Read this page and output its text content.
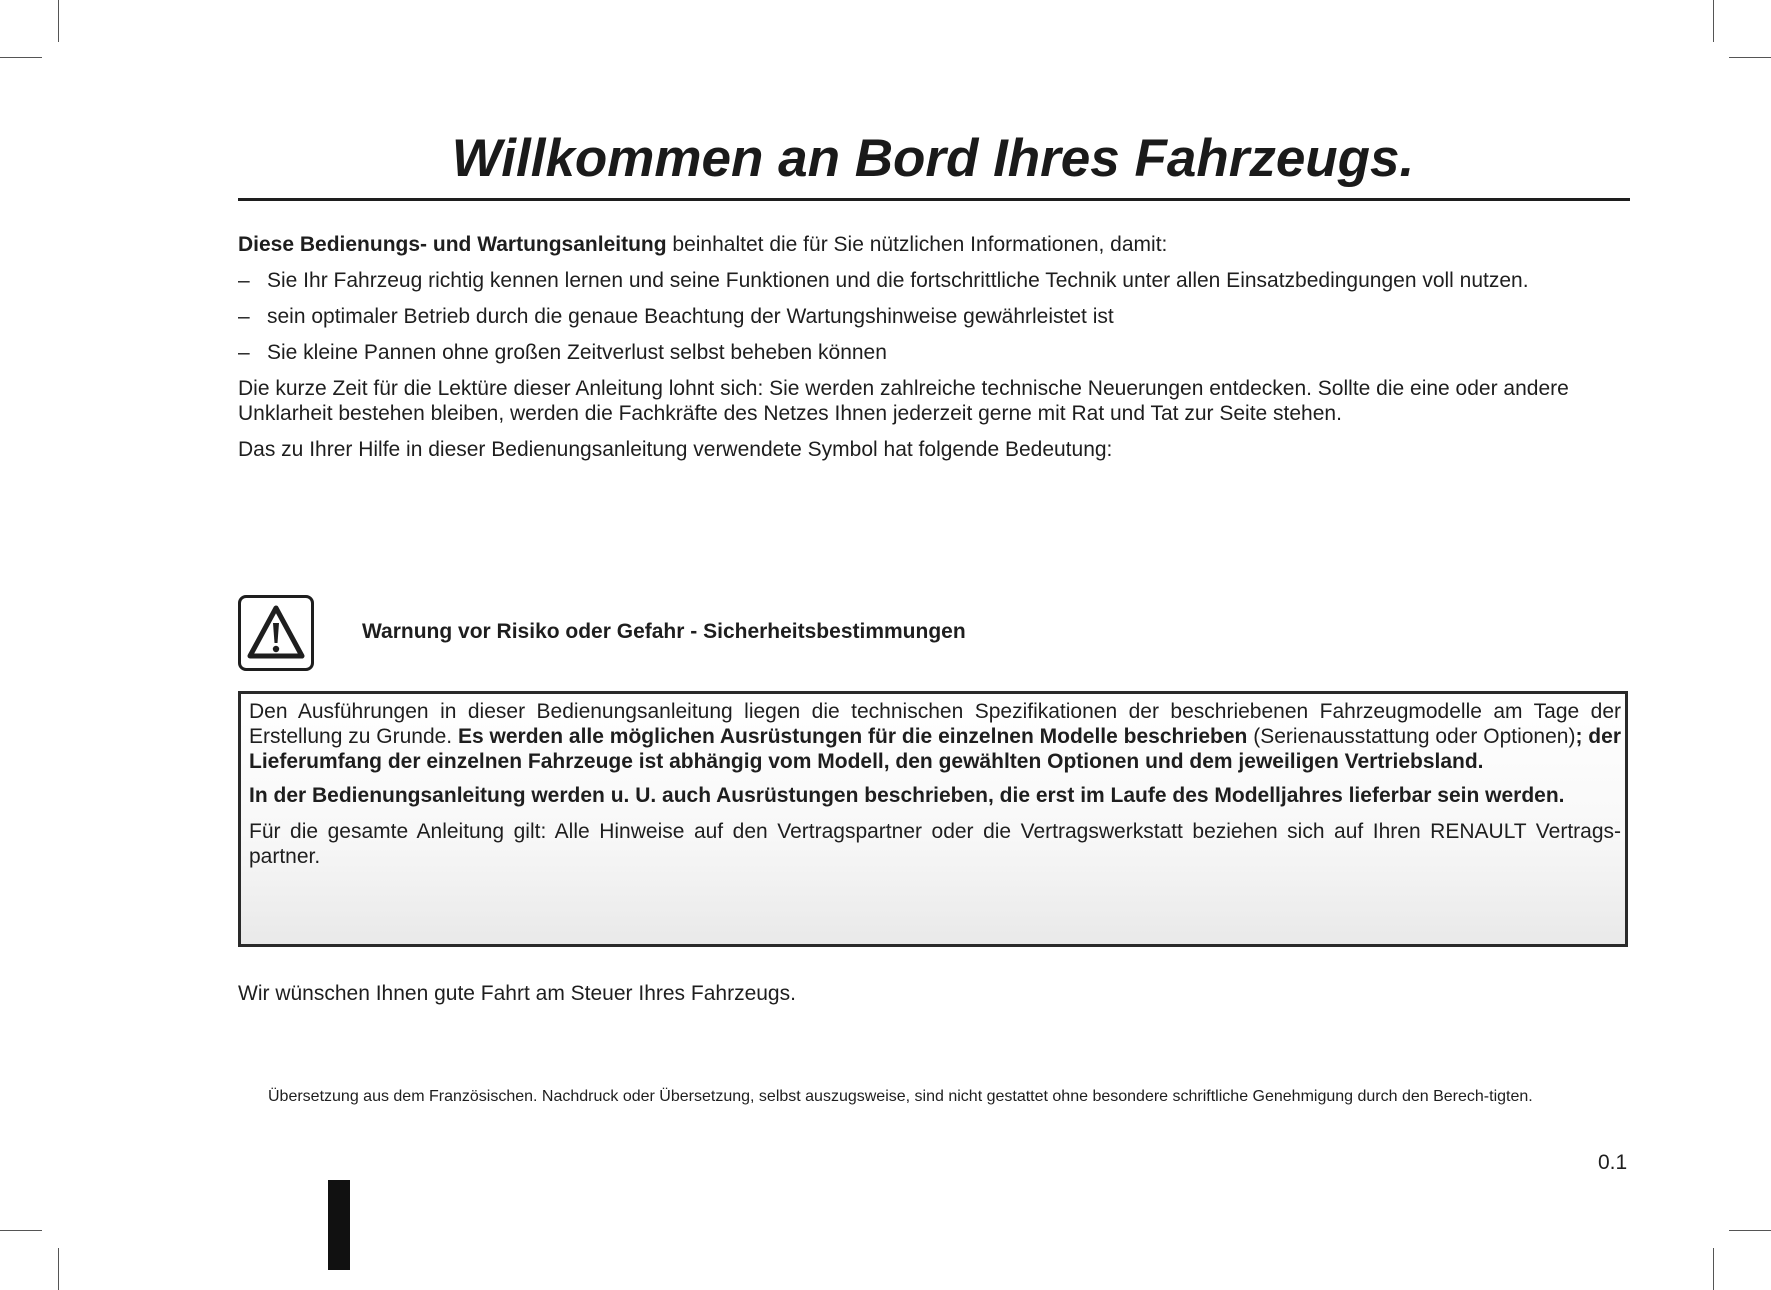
Willkommen an Bord Ihres Fahrzeugs.
Diese Bedienungs- und Wartungsanleitung beinhaltet die für Sie nützlichen Informationen, damit:
– Sie Ihr Fahrzeug richtig kennen lernen und seine Funktionen und die fortschrittliche Technik unter allen Einsatzbedingungen voll nutzen.
– sein optimaler Betrieb durch die genaue Beachtung der Wartungshinweise gewährleistet ist
– Sie kleine Pannen ohne großen Zeitverlust selbst beheben können
Die kurze Zeit für die Lektüre dieser Anleitung lohnt sich: Sie werden zahlreiche technische Neuerungen entdecken. Sollte die eine oder andere Unklarheit bestehen bleiben, werden die Fachkräfte des Netzes Ihnen jederzeit gerne mit Rat und Tat zur Seite stehen.
Das zu Ihrer Hilfe in dieser Bedienungsanleitung verwendete Symbol hat folgende Bedeutung:
Warnung vor Risiko oder Gefahr - Sicherheitsbestimmungen

Den Ausführungen in dieser Bedienungsanleitung liegen die technischen Spezifikationen der beschriebenen Fahrzeugmodelle am Tage der Erstellung zu Grunde. Es werden alle möglichen Ausrüstungen für die einzelnen Modelle beschrieben (Serienausstattung oder Optionen); der Lieferumfang der einzelnen Fahrzeuge ist abhängig vom Modell, den gewählten Optionen und dem jeweiligen Vertriebsland.

In der Bedienungsanleitung werden u. U. auch Ausrüstungen beschrieben, die erst im Laufe des Modelljahres lieferbar sein werden.

Für die gesamte Anleitung gilt: Alle Hinweise auf den Vertragspartner oder die Vertragswerkstatt beziehen sich auf Ihren RENAULT Vertrags-partner.

Wir wünschen Ihnen gute Fahrt am Steuer Ihres Fahrzeugs.
Übersetzung aus dem Französischen. Nachdruck oder Übersetzung, selbst auszugsweise, sind nicht gestattet ohne besondere schriftliche Genehmigung durch den Berech-tigten.
0.1
